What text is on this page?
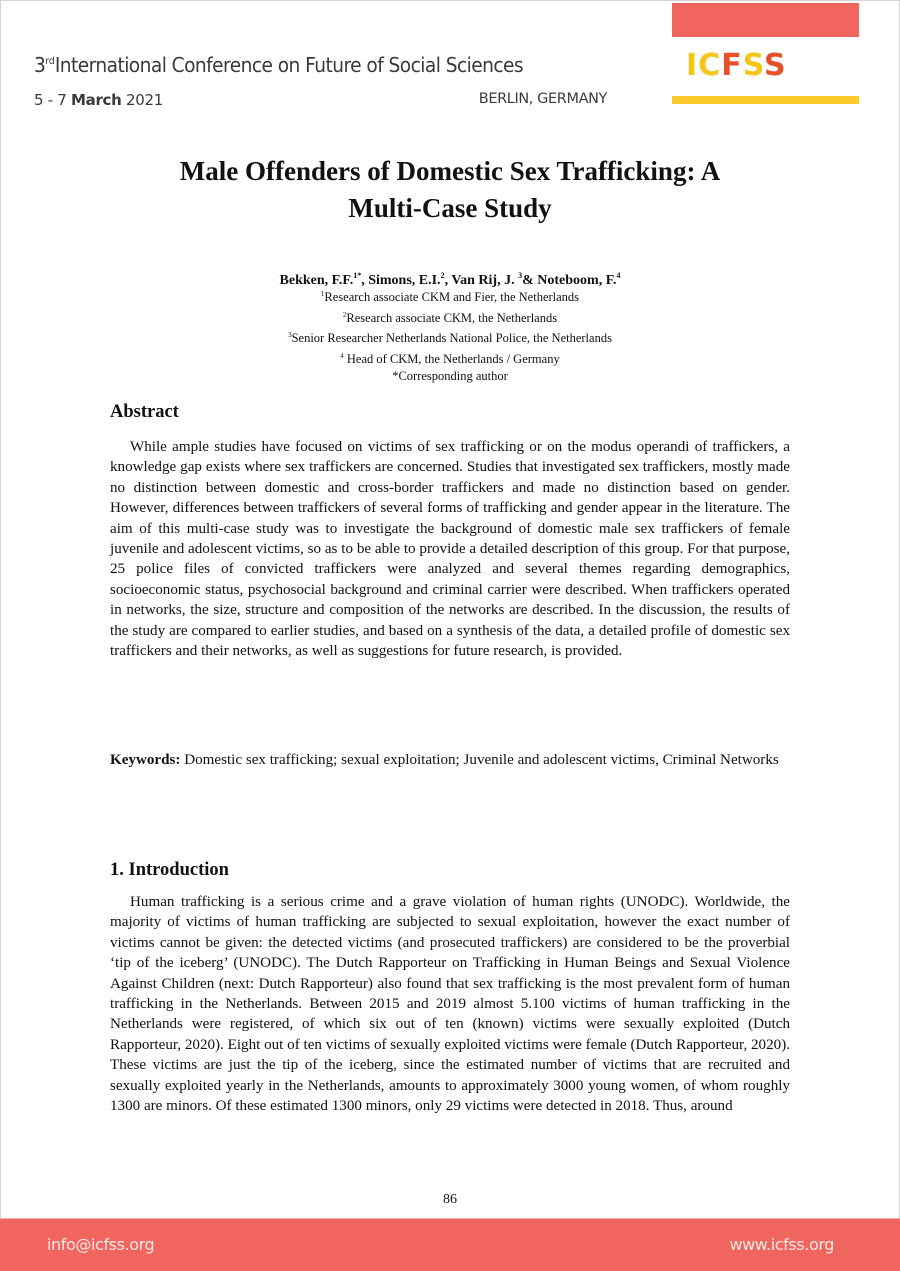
3rdInternational Conference on Future of Social Sciences
5 - 7 March 2021	BERLIN, GERMANY
ICFSS
Male Offenders of Domestic Sex Trafficking: A
Multi-Case Study
Bekken, F.F.$^{1*}$, Simons, E.I.$^2$, Van Rij, J. $^3$& Noteboom, F.$^4$
$^1$Research associate CKM and Fier, the Netherlands
$^2$Research associate CKM, the Netherlands
$^3$Senior Researcher Netherlands National Police, the Netherlands
$^4$ Head of CKM, the Netherlands / Germany
*Corresponding author
Abstract
While ample studies have focused on victims of sex trafficking or on the modus operandi of traffickers, a knowledge gap exists where sex traffickers are concerned. Studies that investigated sex traffickers, mostly made no distinction between domestic and cross-border traffickers and made no distinction based on gender. However, differences between traffickers of several forms of trafficking and gender appear in the literature. The aim of this multi-case study was to investigate the background of domestic male sex traffickers of female juvenile and adolescent victims, so as to be able to provide a detailed description of this group. For that purpose, 25 police files of convicted traffickers were analyzed and several themes regarding demographics, socioeconomic status, psychosocial background and criminal carrier were described. When traffickers operated in networks, the size, structure and composition of the networks are described. In the discussion, the results of the study are compared to earlier studies, and based on a synthesis of the data, a detailed profile of domestic sex traffickers and their networks, as well as suggestions for future research, is provided.
Keywords: Domestic sex trafficking; sexual exploitation; Juvenile and adolescent victims, Criminal Networks
1. Introduction
Human trafficking is a serious crime and a grave violation of human rights (UNODC). Worldwide, the majority of victims of human trafficking are subjected to sexual exploitation, however the exact number of victims cannot be given: the detected victims (and prosecuted traffickers) are considered to be the proverbial ‘tip of the iceberg’ (UNODC). The Dutch Rapporteur on Trafficking in Human Beings and Sexual Violence Against Children (next: Dutch Rapporteur) also found that sex trafficking is the most prevalent form of human trafficking in the Netherlands. Between 2015 and 2019 almost 5.100 victims of human trafficking in the Netherlands were registered, of which six out of ten (known) victims were sexually exploited (Dutch Rapporteur, 2020). Eight out of ten victims of sexually exploited victims were female (Dutch Rapporteur, 2020). These victims are just the tip of the iceberg, since the estimated number of victims that are recruited and sexually exploited yearly in the Netherlands, amounts to approximately 3000 young women, of whom roughly 1300 are minors. Of these estimated 1300 minors, only 29 victims were detected in 2018. Thus, around
86
info@icfss.org	www.icfss.org
